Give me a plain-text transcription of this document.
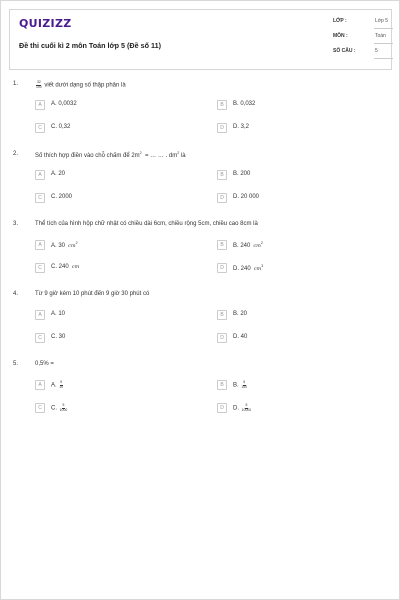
QUIZIZZ
Đề thi cuối kì 2 môn Toán lớp 5 (Đề số 11)
LỚP :	Lớp 5
MÔN :	Toán
SỐ CÂU :	5
1.	$\frac{32}{100}$ viết dưới dạng số thập phân là
A	A. 0,0032	B	B. 0,032
C	C. 0,32	D	D. 3,2
2.	Số thích hợp điền vào chỗ chấm để $2m^2$ = … … . $dm^2$ là
A	A. 20	B	B. 200
C	C. 2000	D	D. 20 000
3.	Thể tích của hình hộp chữ nhật có chiều dài 6cm, chiều rộng 5cm, chiều cao 8cm là
A	A. 30 $cm^2$	B	B. 240 $cm^2$
C	C. 240 cm	D	D. 240 $cm^3$
4.	Từ 9 giờ kém 10 phút đến 9 giờ 30 phút có
A	A. 10	B	B. 20
C	C. 30	D	D. 40
5.	0,5% =
A	A. $\frac{5}{10}$	B	B. $\frac{5}{100}$
C	C. $\frac{5}{1000}$	D	D. $\frac{5}{10000}$
